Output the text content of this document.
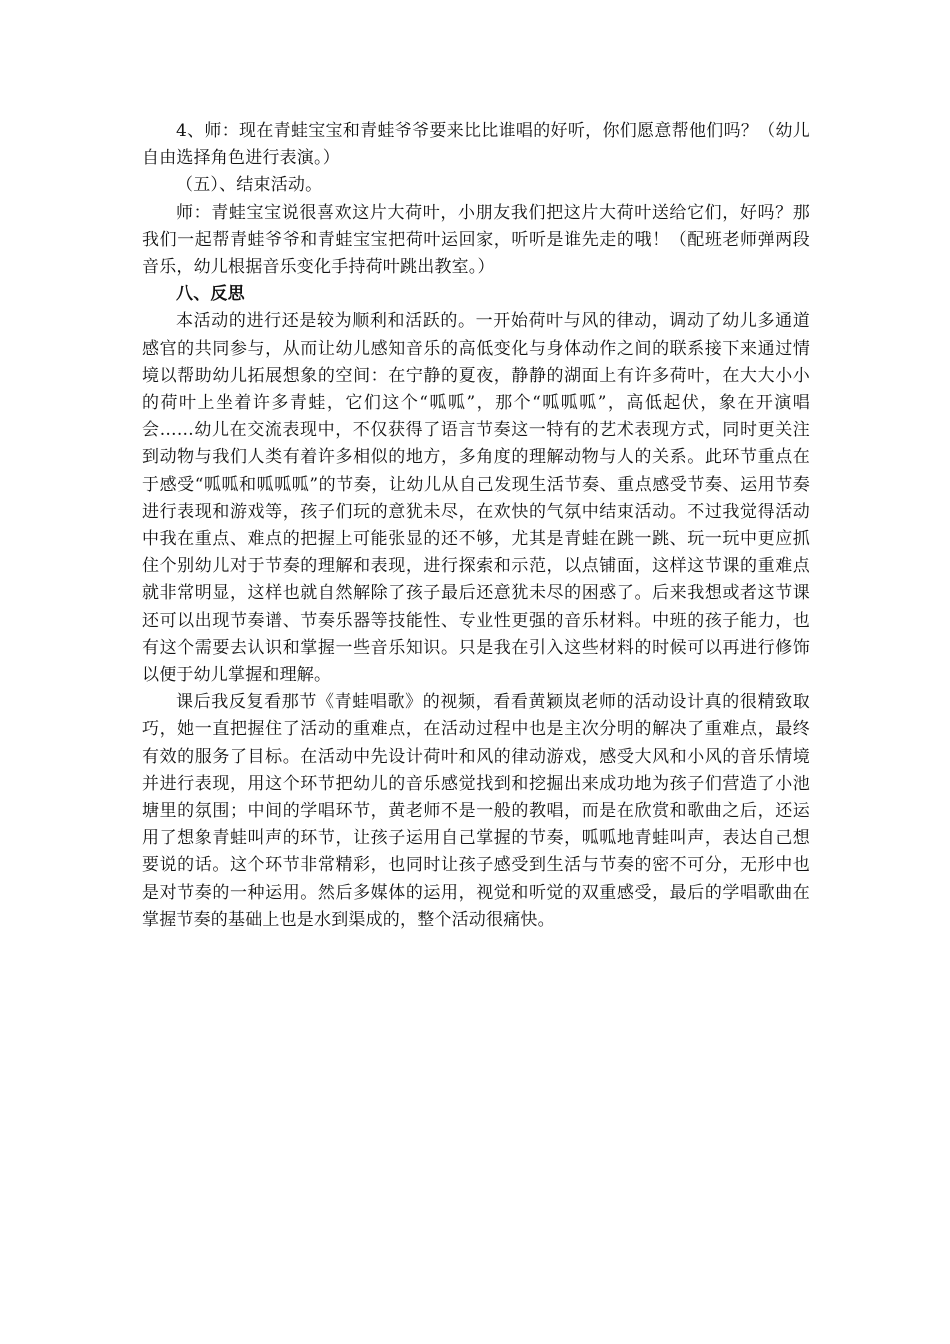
4、师：现在青蛙宝宝和青蛙爷爷要来比比谁唱的好听，你们愿意帮他们吗？（幼儿自由选择角色进行表演。）

（五）、结束活动。

师：青蛙宝宝说很喜欢这片大荷叶，小朋友我们把这片大荷叶送给它们，好吗？那我们一起帮青蛙爷爷和青蛙宝宝把荷叶运回家，听听是谁先走的哦！（配班老师弹两段音乐，幼儿根据音乐变化手持荷叶跳出教室。）

八、反思

本活动的进行还是较为顺利和活跃的。一开始荷叶与风的律动，调动了幼儿多通道感官的共同参与，从而让幼儿感知音乐的高低变化与身体动作之间的联系接下来通过情境以帮助幼儿拓展想象的空间：在宁静的夏夜，静静的湖面上有许多荷叶，在大大小小的荷叶上坐着许多青蛙，它们这个“呱呱”，那个“呱呱呱”，高低起伏，象在开演唱会……幼儿在交流表现中，不仅获得了语言节奏这一特有的艺术表现方式，同时更关注到动物与我们人类有着许多相似的地方，多角度的理解动物与人的关系。此环节重点在于感受“呱呱和呱呱呱”的节奏，让幼儿从自己发现生活节奏、重点感受节奏、运用节奏进行表现和游戏等，孩子们玩的意犹未尽，在欢快的气氛中结束活动。不过我觉得活动中我在重点、难点的把握上可能张显的还不够，尤其是青蛙在跳一跳、玩一玩中更应抓住个别幼儿对于节奏的理解和表现，进行探索和示范，以点铺面，这样这节课的重难点就非常明显，这样也就自然解除了孩子最后还意犹未尽的困惑了。后来我想或者这节课还可以出现节奏谱、节奏乐器等技能性、专业性更强的音乐材料。中班的孩子能力，也有这个需要去认识和掌握一些音乐知识。只是我在引入这些材料的时候可以再进行修饰以便于幼儿掌握和理解。

课后我反复看那节《青蛙唱歌》的视频，看看黄颖岚老师的活动设计真的很精致取巧，她一直把握住了活动的重难点，在活动过程中也是主次分明的解决了重难点，最终有效的服务了目标。在活动中先设计荷叶和风的律动游戏，感受大风和小风的音乐情境并进行表现，用这个环节把幼儿的音乐感觉找到和挖掘出来成功地为孩子们营造了小池塘里的氛围；中间的学唱环节，黄老师不是一般的教唱，而是在欣赏和歌曲之后，还运用了想象青蛙叫声的环节，让孩子运用自己掌握的节奏，呱呱地青蛙叫声，表达自己想要说的话。这个环节非常精彩，也同时让孩子感受到生活与节奏的密不可分，无形中也是对节奏的一种运用。然后多媒体的运用，视觉和听觉的双重感受，最后的学唱歌曲在掌握节奏的基础上也是水到渠成的，整个活动很痛快。
